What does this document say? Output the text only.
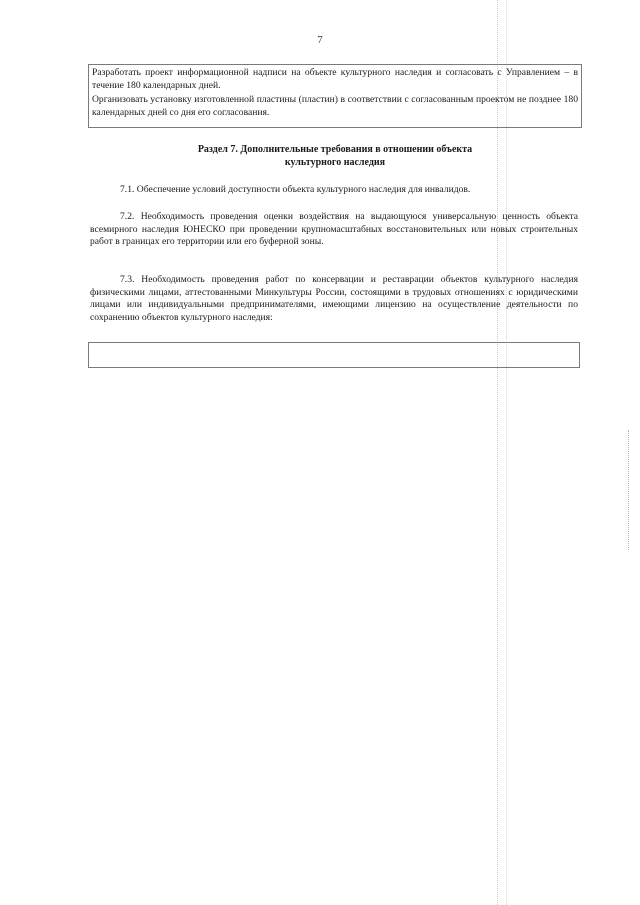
7

Разработать проект информационной надписи на объекте культурного наследия и согласовать с Управлением – в течение 180 календарных дней.

Организовать установку изготовленной пластины (пластин) в соответствии с согласованным проектом не позднее 180 календарных дней со дня его согласования.

Раздел 7. Дополнительные требования в отношении объекта
культурного наследия

7.1. Обеспечение условий доступности объекта культурного наследия для инвалидов.

7.2. Необходимость проведения оценки воздействия на выдающуюся универсальную ценность объекта всемирного наследия ЮНЕСКО при проведении крупномасштабных восстановительных или новых строительных работ в границах его территории или его буферной зоны.

7.3. Необходимость проведения работ по консервации и реставрации объектов культурного наследия физическими лицами, аттестованными Минкультуры России, состоящими в трудовых отношениях с юридическими лицами или индивидуальными предпринимателями, имеющими лицензию на осуществление деятельности по сохранению объектов культурного наследия:
